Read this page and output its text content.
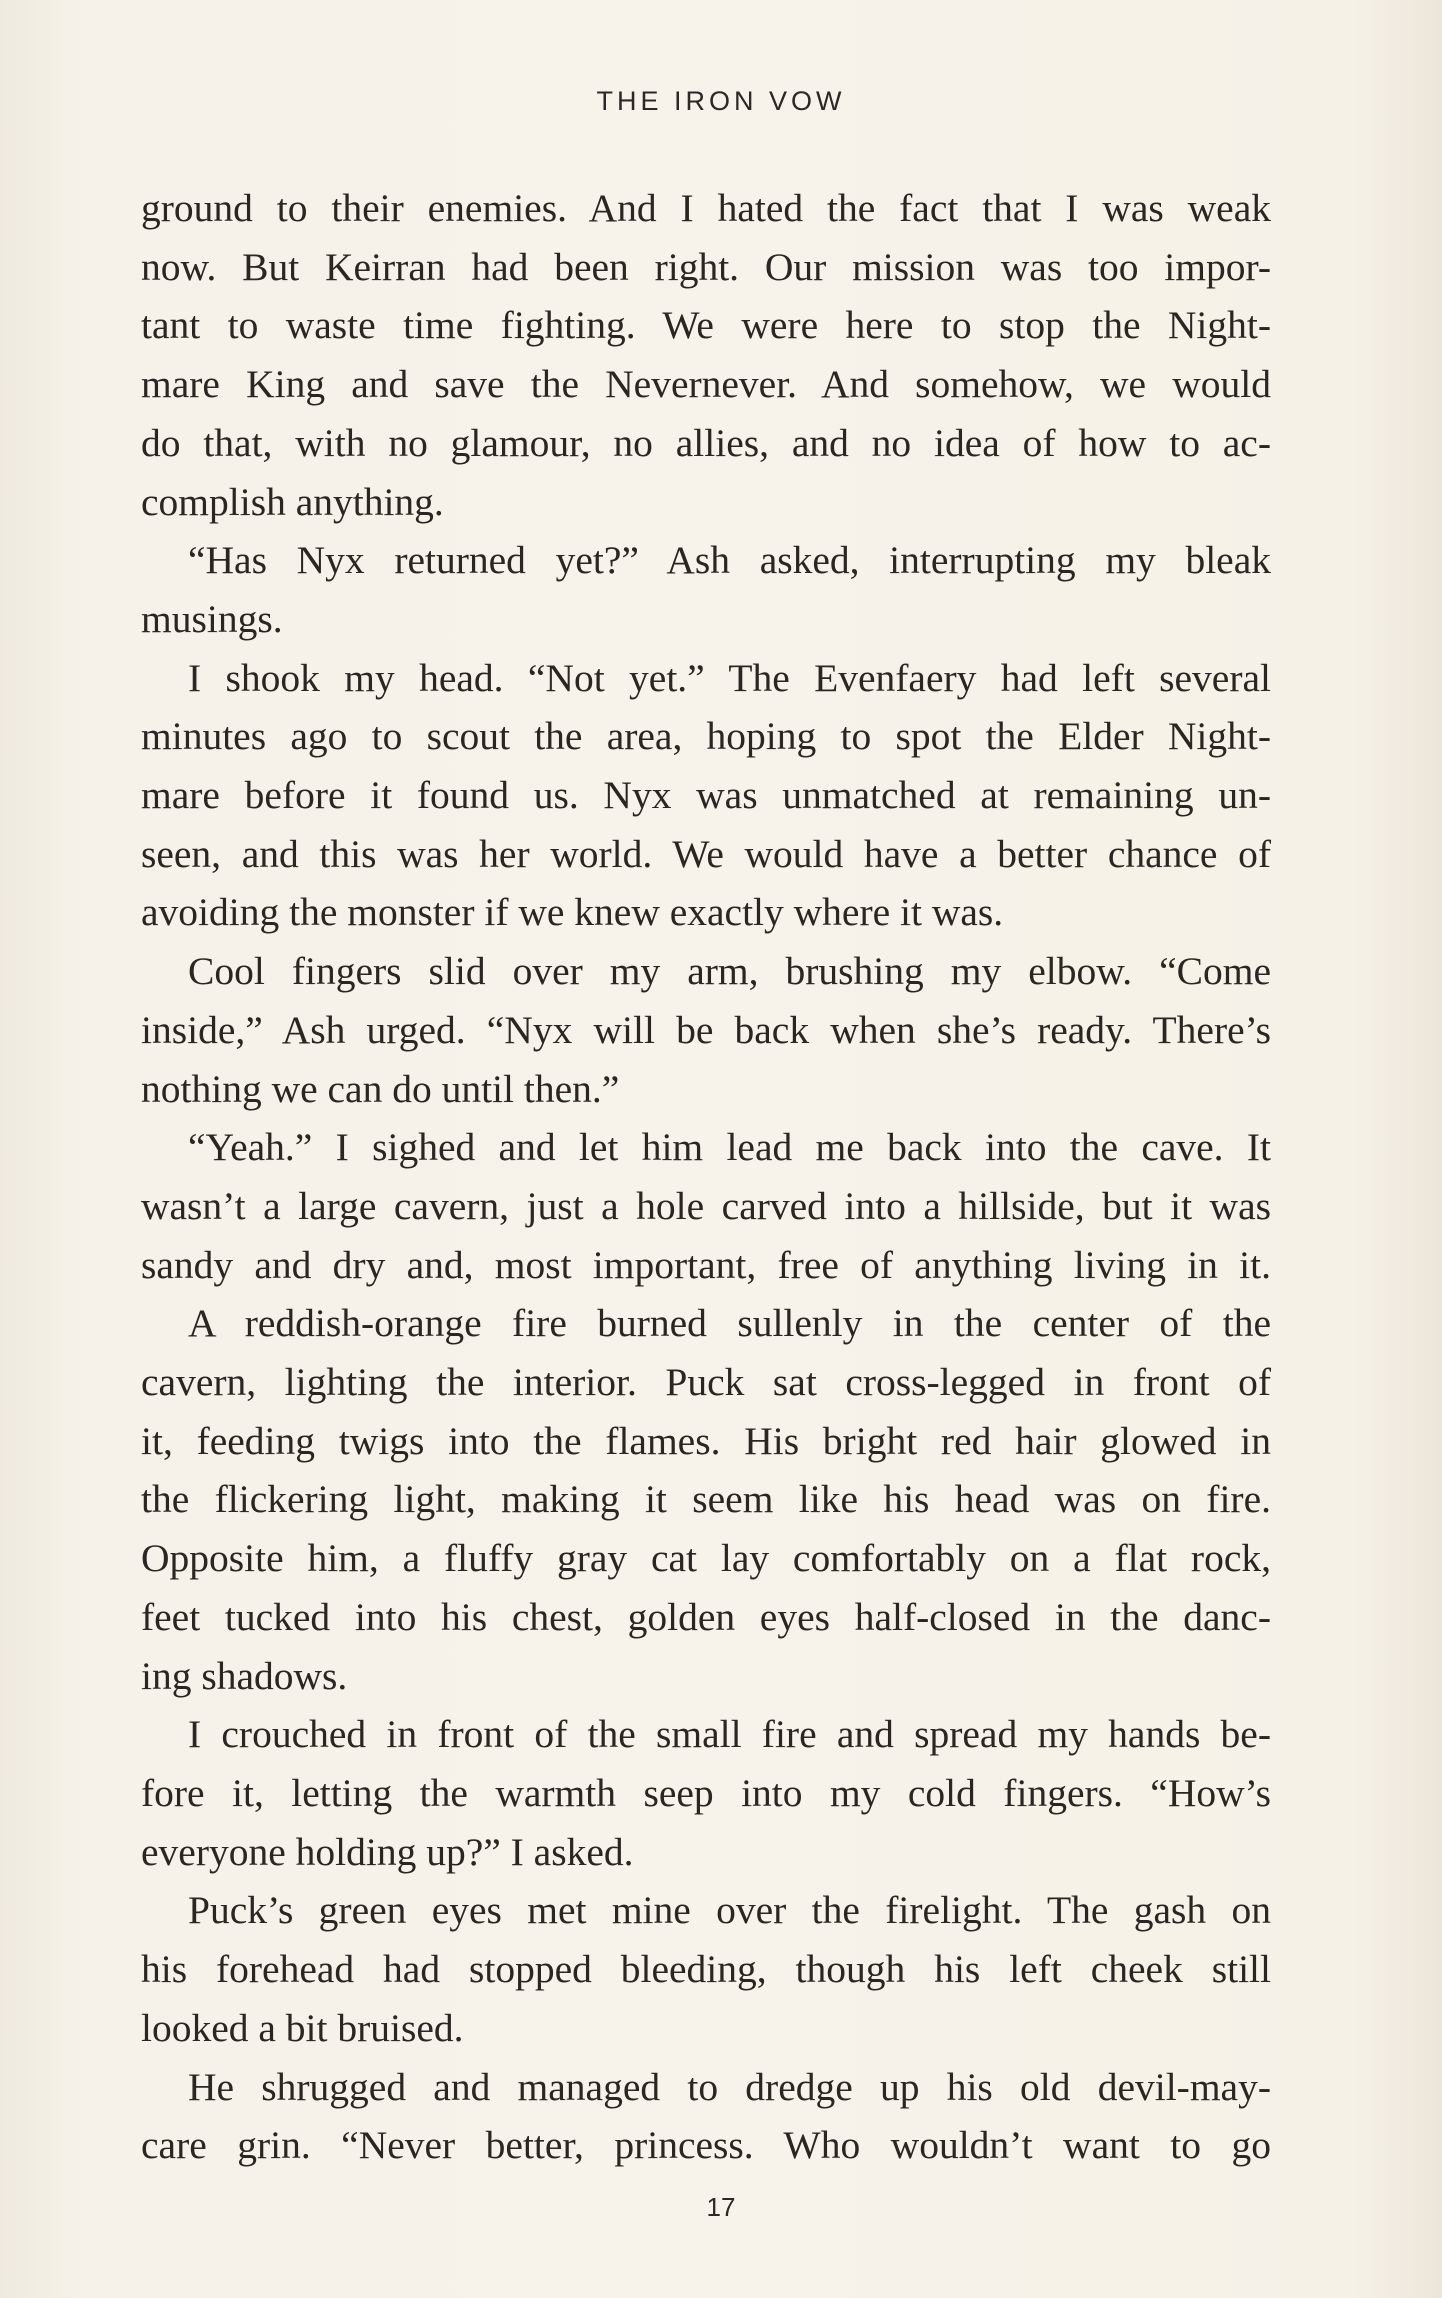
THE IRON VOW
ground to their enemies. And I hated the fact that I was weak
now. But Keirran had been right. Our mission was too impor-
tant to waste time fighting. We were here to stop the Night-
mare King and save the Nevernever. And somehow, we would
do that, with no glamour, no allies, and no idea of how to ac-
complish anything.
“Has Nyx returned yet?” Ash asked, interrupting my bleak
musings.
I shook my head. “Not yet.” The Evenfaery had left several
minutes ago to scout the area, hoping to spot the Elder Night-
mare before it found us. Nyx was unmatched at remaining un-
seen, and this was her world. We would have a better chance of
avoiding the monster if we knew exactly where it was.
Cool fingers slid over my arm, brushing my elbow. “Come
inside,” Ash urged. “Nyx will be back when she’s ready. There’s
nothing we can do until then.”
“Yeah.” I sighed and let him lead me back into the cave. It
wasn’t a large cavern, just a hole carved into a hillside, but it was
sandy and dry and, most important, free of anything living in it.
A reddish-orange fire burned sullenly in the center of the
cavern, lighting the interior. Puck sat cross-legged in front of
it, feeding twigs into the flames. His bright red hair glowed in
the flickering light, making it seem like his head was on fire.
Opposite him, a fluffy gray cat lay comfortably on a flat rock,
feet tucked into his chest, golden eyes half-closed in the danc-
ing shadows.
I crouched in front of the small fire and spread my hands be-
fore it, letting the warmth seep into my cold fingers. “How’s
everyone holding up?” I asked.
Puck’s green eyes met mine over the firelight. The gash on
his forehead had stopped bleeding, though his left cheek still
looked a bit bruised.
He shrugged and managed to dredge up his old devil-may-
care grin. “Never better, princess. Who wouldn’t want to go
17
